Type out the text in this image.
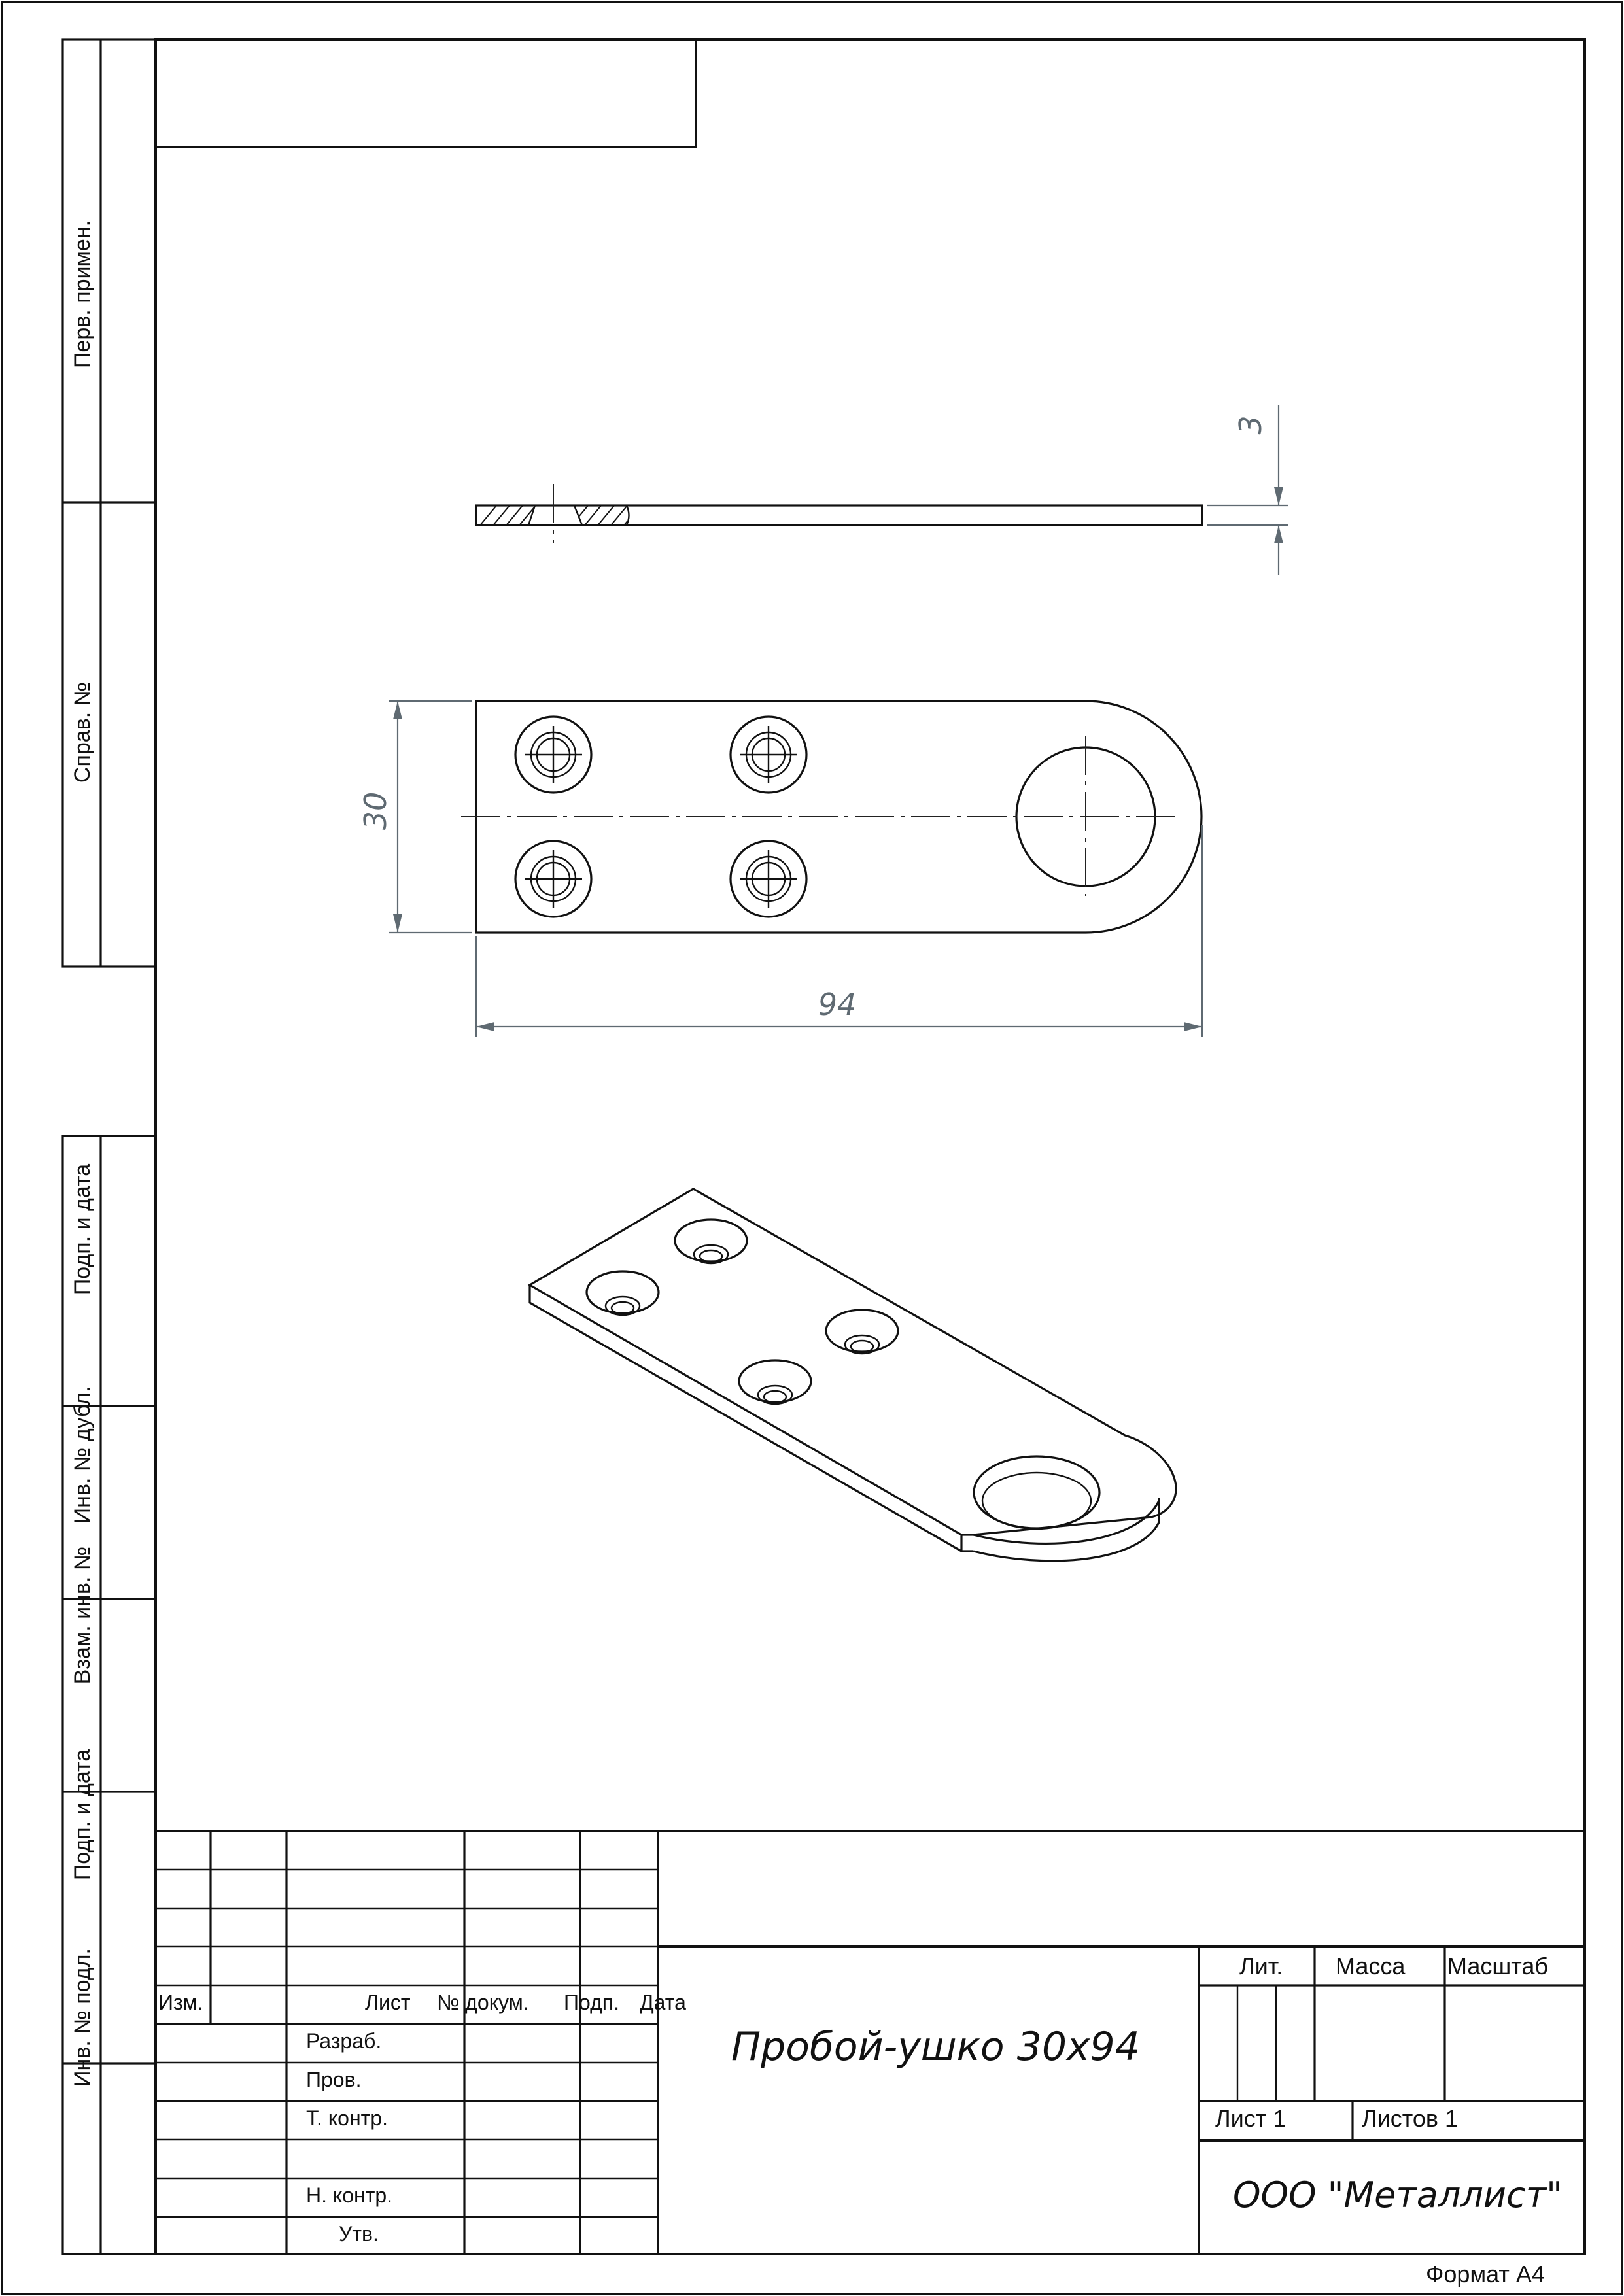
Перв. примен.
Справ. №
Подп. и дата
Инв. № дубл.
Взам. инв. №
Подп. и дата
Инв. № подл.
3
30
94
Изм.	Лист № докум. Подп. Дата
Разраб.
Пров.
Т. контр.
Н. контр.
Утв.
Пробой-ушко 30х94
Лит. Масса Масштаб
Лист 1	Листов 1
ООО "Металлист"
Формат А4
